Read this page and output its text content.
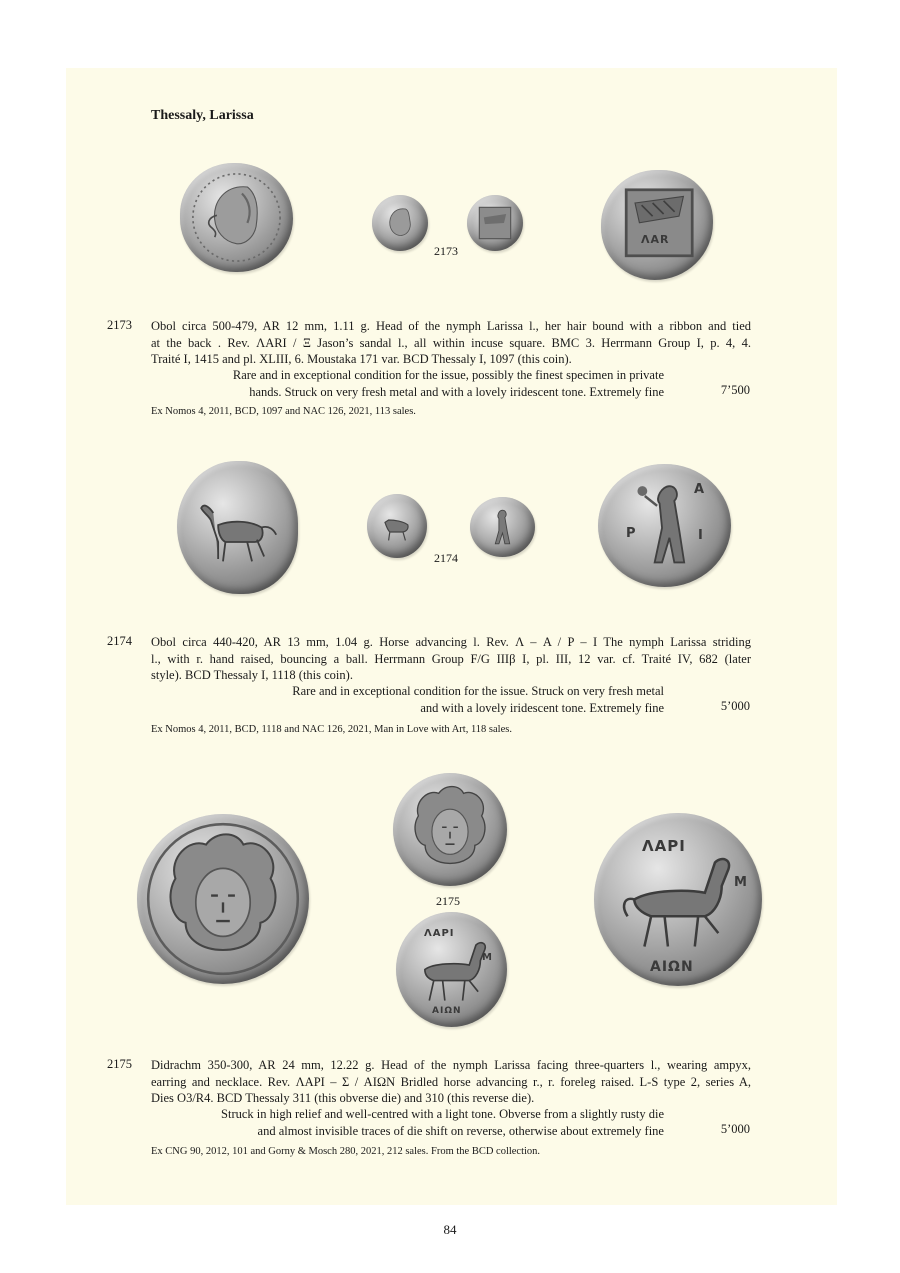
Thessaly, Larissa
ΛAR
2173
2173 Obol circa 500-479, AR 12 mm, 1.11 g. Head of the nymph Larissa l., her hair bound with a ribbon and tied

at the back . Rev. ΛARI / Ξ Jason’s sandal l., all within incuse square. BMC 3. Herrmann Group I, p. 4, 4.

Traité I, 1415 and pl. XLIII, 6. Moustaka 171 var. BCD Thessaly I, 1097 (this coin).

Rare and in exceptional condition for the issue, possibly the finest specimen in private
hands. Struck on very fresh metal and with a lovely iridescent tone. Extremely fine	7’500
Ex Nomos 4, 2011, BCD, 1097 and NAC 126, 2021, 113 sales.
A
P	I
2174
2174 Obol circa 440-420, AR 13 mm, 1.04 g. Horse advancing l. Rev. Λ – A / P – I The nymph Larissa striding

l., with r. hand raised, bouncing a ball. Herrmann Group F/G IIIβ I, pl. III, 12 var. cf. Traité IV, 682 (later

style). BCD Thessaly I, 1118 (this coin).

Rare and in exceptional condition for the issue. Struck on very fresh metal
and with a lovely iridescent tone. Extremely fine	5’000
Ex Nomos 4, 2011, BCD, 1118 and NAC 126, 2021, Man in Love with Art, 118 sales.
2175
ΛΑΡΙ
Μ
ΑΙΩΝ
ΛΑΡΙ
Μ
ΑΙΩΝ
2175 Didrachm 350-300, AR 24 mm, 12.22 g. Head of the nymph Larissa facing three-quarters l., wearing ampyx,

earring and necklace. Rev. ΛΑΡΙ – Σ / AIΩN Bridled horse advancing r., r. foreleg raised. L-S type 2, series A,

Dies O3/R4. BCD Thessaly 311 (this obverse die) and 310 (this reverse die).

Struck in high relief and well-centred with a light tone. Obverse from a slightly rusty die
and almost invisible traces of die shift on reverse, otherwise about extremely fine	5’000
Ex CNG 90, 2012, 101 and Gorny & Mosch 280, 2021, 212 sales. From the BCD collection.
84
